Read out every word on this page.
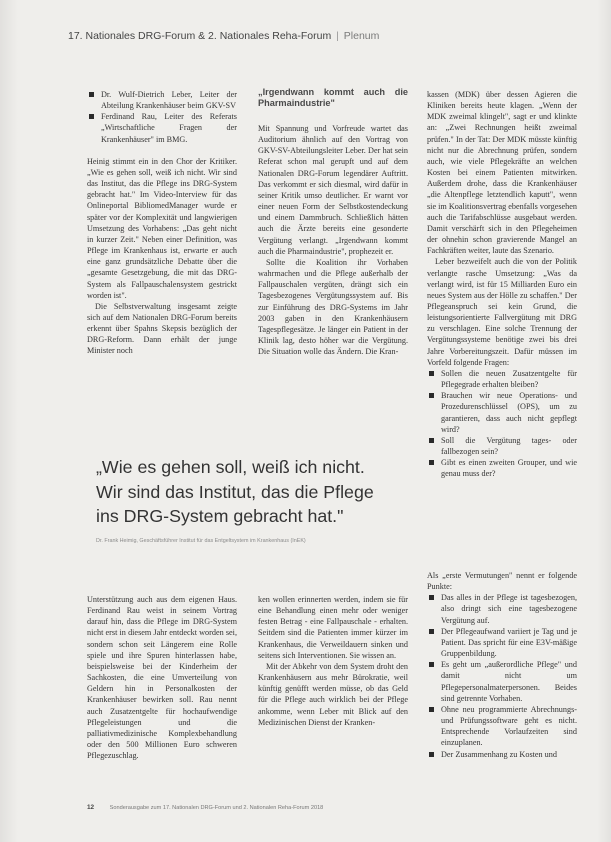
17. Nationales DRG-Forum & 2. Nationales Reha-Forum | Plenum
Dr. Wulf-Dietrich Leber, Leiter der Abteilung Krankenhäuser beim GKV-SV
Ferdinand Rau, Leiter des Referats „Wirtschaftliche Fragen der Krankenhäuser" im BMG.

Heinig stimmt ein in den Chor der Kritiker. „Wie es gehen soll, weiß ich nicht. Wir sind das Institut, das die Pflege ins DRG-System gebracht hat." Im Video-Interview für das Onlineportal BibliomedManager wurde er später vor der Komplexität und langwierigen Umsetzung des Vorhabens: „Das geht nicht in kurzer Zeit." Neben einer Definition, was Pflege im Krankenhaus ist, erwarte er auch eine ganz grundsätzliche Debatte über die „gesamte Gesetzgebung, die mit das DRG-System als Fallpauschalensystem gestrickt worden ist".

Die Selbstverwaltung insgesamt zeigte sich auf dem Nationalen DRG-Forum bereits erkennt über Spahns Skepsis bezüglich der DRG-Reform. Dann erhält der junge Minister noch

„Irgendwann kommt auch die Pharmaindustrie"

Mit Spannung und Vorfreude wartet das Auditorium ähnlich auf den Vortrag von GKV-SV-Abteilungsleiter Leber. Der hat sein Referat schon mal gerupft und auf dem Nationalen DRG-Forum legendärer Auftritt. Das verkommt er sich diesmal, wird dafür in seiner Kritik umso deutlicher. Er warnt vor einer neuen Form der Selbstkostendeckung und einem Dammbruch. Schließlich hätten auch die Ärzte bereits eine gesonderte Vergütung verlangt. „Irgendwann kommt auch die Pharmaindustrie", prophezeit er.

Sollte die Koalition ihr Vorhaben wahrmachen und die Pflege außerhalb der Fallpauschalen vergüten, drängt sich ein Tagesbezogenes Vergütungssystem auf. Bis zur Einführung des DRG-Systems im Jahr 2003 gaben in den Krankenhäusern Tagespflegesätze. Je länger ein Patient in der Klinik lag, desto höher war die Vergütung. Die Situation wolle das Ändern. Die Kran-

kassen (MDK) über dessen Agieren die Kliniken bereits heute klagen. „Wenn der MDK zweimal klingelt", sagt er und klinkte an: „Zwei Rechnungen heißt zweimal prüfen." In der Tat: Der MDK müsste künftig nicht nur die Abrechnung prüfen, sondern auch, wie viele Pflegekräfte an welchen Kosten bei einem Patienten mitwirken. Außerdem drohe, dass die Krankenhäuser „die Altenpflege letztendlich kaputt", wenn sie im Koalitionsvertrag ebenfalls vorgesehen auch die Tarifabschlüsse ausgebaut werden. Damit verschärft sich in den Pflegeheimen der ohnehin schon gravierende Mangel an Fachkräften weiter, laute das Szenario.

Leber bezweifelt auch die von der Politik verlangte rasche Umsetzung: „Was da verlangt wird, ist für 15 Milliarden Euro ein neues System aus der Hölle zu schaffen." Der Pflegeanspruch sei kein Grund, die leistungsorientierte Fallvergütung mit DRG zu verschlagen. Eine solche Trennung der Vergütungssysteme benötige zwei bis drei Jahre Vorbereitungszeit. Dafür müssen im Vorfeld folgende Fragen:

Sollen die neuen Zusatzentgelte für Pflegegrade erhalten bleiben?
Brauchen wir neue Operations- und Prozedurenschlüssel (OPS), um zu garantieren, dass auch nicht gepflegt wird?
Soll die Vergütung tages- oder fallbezogen sein?
Gibt es einen zweiten Grouper, und wie genau muss der?
„Wie es gehen soll, weiß ich nicht. Wir sind das Institut, das die Pflege ins DRG-System gebracht hat."
Dr. Frank Heimig, Geschäftsführer Institut für das Entgeltsystem im Krankenhaus (InEK)

Unterstützung auch aus dem eigenen Haus. Ferdinand Rau weist in seinem Vortrag darauf hin, dass die Pflege im DRG-System nicht erst in diesem Jahr entdeckt worden sei, sondern schon seit Längerem eine Rolle spiele und ihre Spuren hinterlassen habe, beispielsweise bei der Kinderheim der Sachkosten, die eine Umverteilung von Geldern hin in Personalkosten der Krankenhäuser bewirken soll. Rau nennt auch Zusatzentgelte für hochaufwendige Pflegeleistungen und die palliativmedizinische Komplexbehandlung oder den 500 Millionen Euro schweren Pflegezuschlag.

ken wollen erinnerten werden, indem sie für eine Behandlung einen mehr oder weniger festen Betrag - eine Fallpauschale - erhalten. Seitdem sind die Patienten immer kürzer im Krankenhaus, die Verweildauern sinken und seitens sich Interventionen. Sie wissen an.

Mit der Abkehr von dem System droht den Krankenhäusern aus mehr Bürokratie, weil künftig genüfft werden müsse, ob das Geld für die Pflege auch wirklich bei der Pflege ankomme, wenn Leber mit Blick auf den Medizinischen Dienst der Kranken-

Als „erste Vermutungen" nennt er folgende Punkte:

Das alles in der Pflege ist tagesbezogen, also dringt sich eine tagesbezogene Vergütung auf.
Der Pflegeaufwand variiert je Tag und je Patient. Das spricht für eine E3V-mäßige Gruppenbildung.
Es geht um „außerordliche Pflege" und damit nicht um Pflegepersonalmaterpersonen. Beides sind getrennte Vorhaben.
Ohne neu programmierte Abrechnungs- und Prüfungssoftware geht es nicht. Entsprechende Vorlaufzeiten sind einzuplanen.
Der Zusammenhang zu Kosten und
12	Sonderausgabe zum 17. Nationalen DRG-Forum und 2. Nationalen Reha-Forum 2018
